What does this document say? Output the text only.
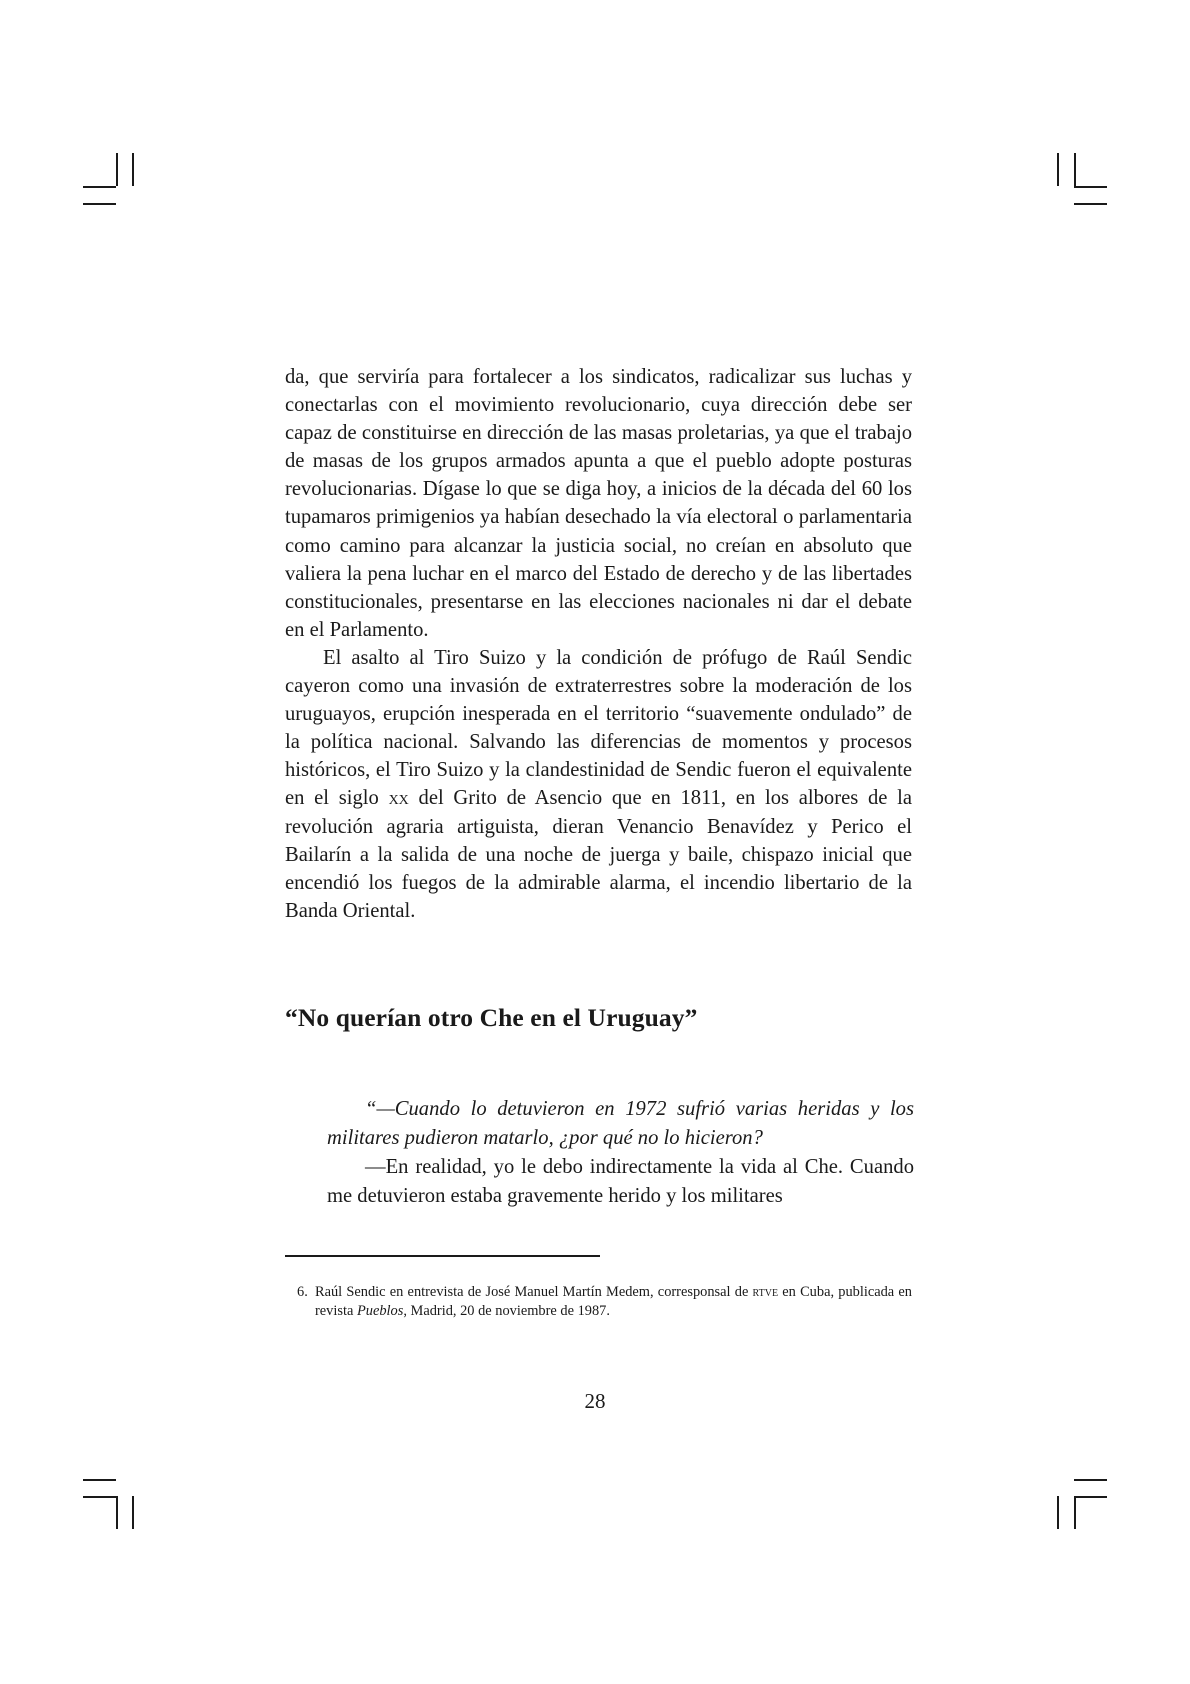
da, que serviría para fortalecer a los sindicatos, radicalizar sus luchas y conectarlas con el movimiento revolucionario, cuya dirección debe ser capaz de constituirse en dirección de las masas proletarias, ya que el trabajo de masas de los grupos armados apunta a que el pueblo adopte posturas revolucionarias. Dígase lo que se diga hoy, a inicios de la década del 60 los tupamaros primigenios ya habían desechado la vía electoral o parlamentaria como camino para alcanzar la justicia social, no creían en absoluto que valiera la pena luchar en el marco del Estado de derecho y de las libertades constitucionales, presentarse en las elecciones nacionales ni dar el debate en el Parlamento.

El asalto al Tiro Suizo y la condición de prófugo de Raúl Sendic cayeron como una invasión de extraterrestres sobre la moderación de los uruguayos, erupción inesperada en el territorio “suavemente ondulado” de la política nacional. Salvando las diferencias de momentos y procesos históricos, el Tiro Suizo y la clandestinidad de Sendic fueron el equivalente en el siglo xx del Grito de Asencio que en 1811, en los albores de la revolución agraria artiguista, dieran Venancio Benavídez y Perico el Bailarín a la salida de una noche de juerga y baile, chispazo inicial que encendió los fuegos de la admirable alarma, el incendio libertario de la Banda Oriental.

“No querían otro Che en el Uruguay”

“—Cuando lo detuvieron en 1972 sufrió varias heridas y los militares pudieron matarlo, ¿por qué no lo hicieron?

—En realidad, yo le debo indirectamente la vida al Che. Cuando me detuvieron estaba gravemente herido y los militares

6. Raúl Sendic en entrevista de José Manuel Martín Medem, corresponsal de rtve en Cuba, publicada en revista Pueblos, Madrid, 20 de noviembre de 1987.

28
